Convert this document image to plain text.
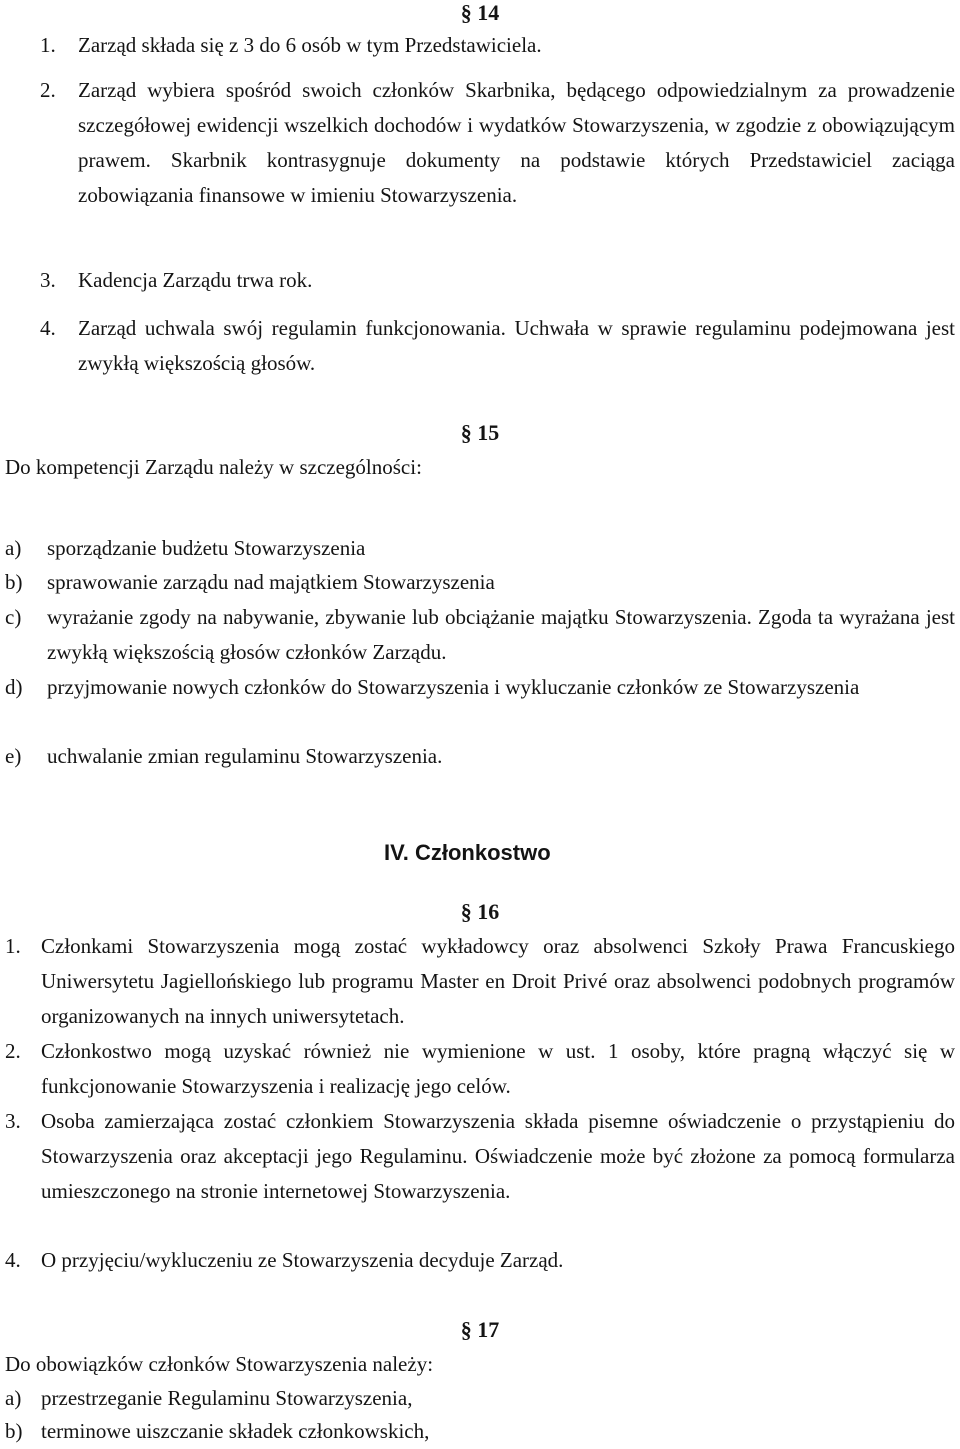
§ 14
1. Zarząd składa się z 3 do 6 osób w tym Przedstawiciela.
2. Zarząd wybiera spośród swoich członków Skarbnika, będącego odpowiedzialnym za prowadzenie szczegółowej ewidencji wszelkich dochodów i wydatków Stowarzyszenia, w zgodzie z obowiązującym prawem. Skarbnik kontrasygnuje dokumenty na podstawie których Przedstawiciel zaciąga zobowiązania finansowe w imieniu Stowarzyszenia.
3. Kadencja Zarządu trwa rok.
4. Zarząd uchwala swój regulamin funkcjonowania. Uchwała w sprawie regulaminu podejmowana jest zwykłą większością głosów.
§ 15
Do kompetencji Zarządu należy w szczególności:
a) sporządzanie budżetu Stowarzyszenia
b) sprawowanie zarządu nad majątkiem Stowarzyszenia
c) wyrażanie zgody na nabywanie, zbywanie lub obciążanie majątku Stowarzyszenia. Zgoda ta wyrażana jest zwykłą większością głosów członków Zarządu.
d) przyjmowanie nowych członków do Stowarzyszenia i wykluczanie członków ze Stowarzyszenia
e) uchwalanie zmian regulaminu Stowarzyszenia.
IV. Członkostwo
§ 16
1. Członkami Stowarzyszenia mogą zostać wykładowcy oraz absolwenci Szkoły Prawa Francuskiego Uniwersytetu Jagiellońskiego lub programu Master en Droit Privé oraz absolwenci podobnych programów organizowanych na innych uniwersytetach.
2. Członkostwo mogą uzyskać również nie wymienione w ust. 1 osoby, które pragną włączyć się w funkcjonowanie Stowarzyszenia i realizację jego celów.
3. Osoba zamierzająca zostać członkiem Stowarzyszenia składa pisemne oświadczenie o przystąpieniu do Stowarzyszenia oraz akceptacji jego Regulaminu. Oświadczenie może być złożone za pomocą formularza umieszczonego na stronie internetowej Stowarzyszenia.
4. O przyjęciu/wykluczeniu ze Stowarzyszenia decyduje Zarząd.
§ 17
Do obowiązków członków Stowarzyszenia należy:
a) przestrzeganie Regulaminu Stowarzyszenia,
b) terminowe uiszczanie składek członkowskich,
